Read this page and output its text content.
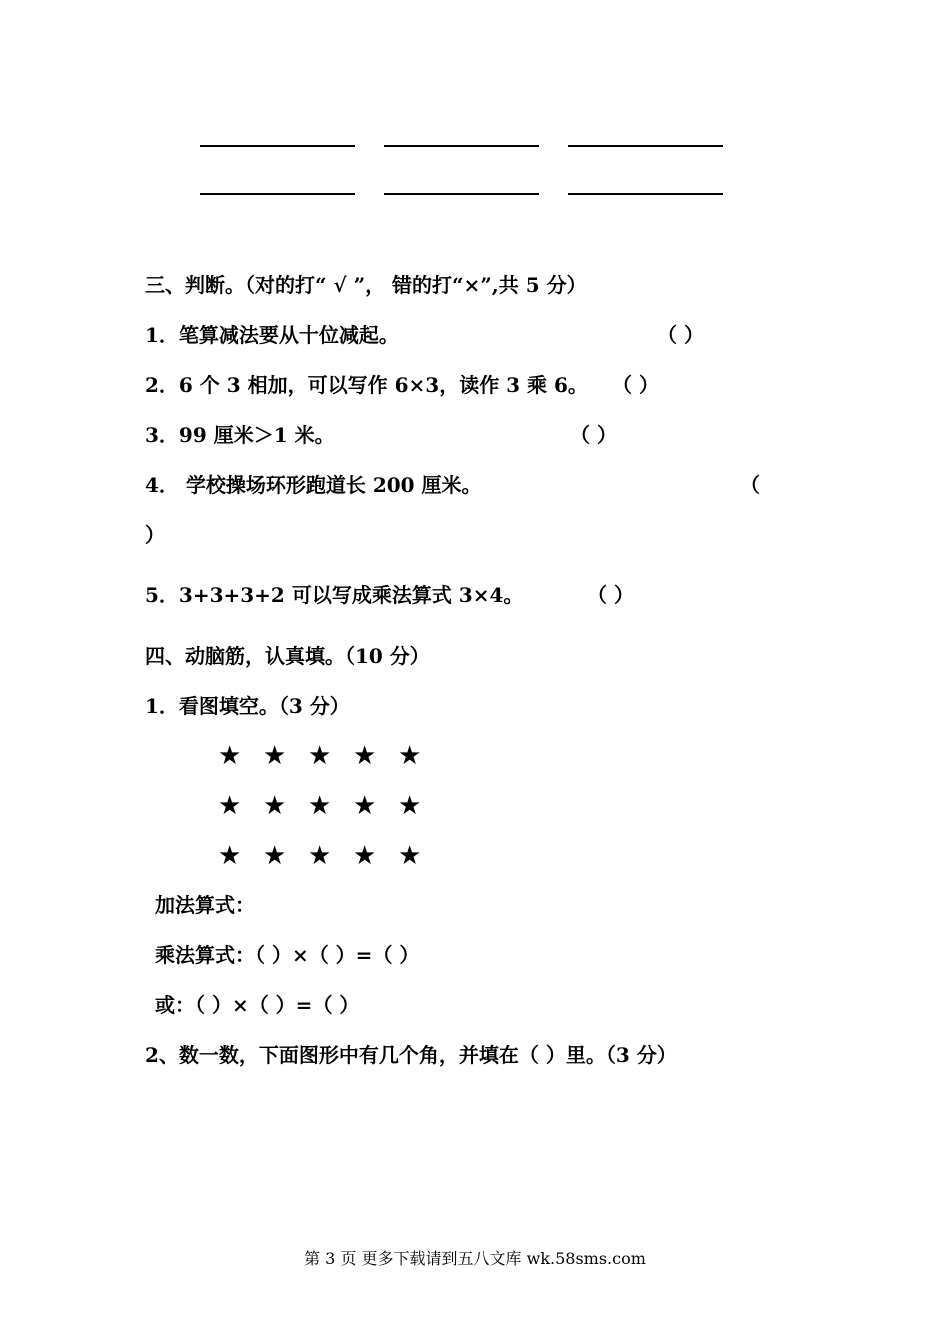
三、判断。（对的打“ √ ”， 错的打“×”,共 5 分）
1．笔算减法要从十位减起。	（ ）
2．6 个 3 相加，可以写作 6×3，读作 3 乘 6。 （ ）
3．99 厘米＞1 米。	（ ）
4． 学校操场环形跑道长 200 厘米。	（
）
5．3+3+3+2 可以写成乘法算式 3×4。	（ ）
四、动脑筋，认真填。（10 分）
1．看图填空。（3 分）
★ ★ ★ ★ ★
★ ★ ★ ★ ★
★ ★ ★ ★ ★
加法算式：
乘法算式：（ ）×（ ）=（ ）
或：（ ）×（ ）=（ ）
2、数一数，下面图形中有几个角，并填在（ ）里。（3 分）
第 3 页 更多下载请到五八文库 wk.58sms.com
